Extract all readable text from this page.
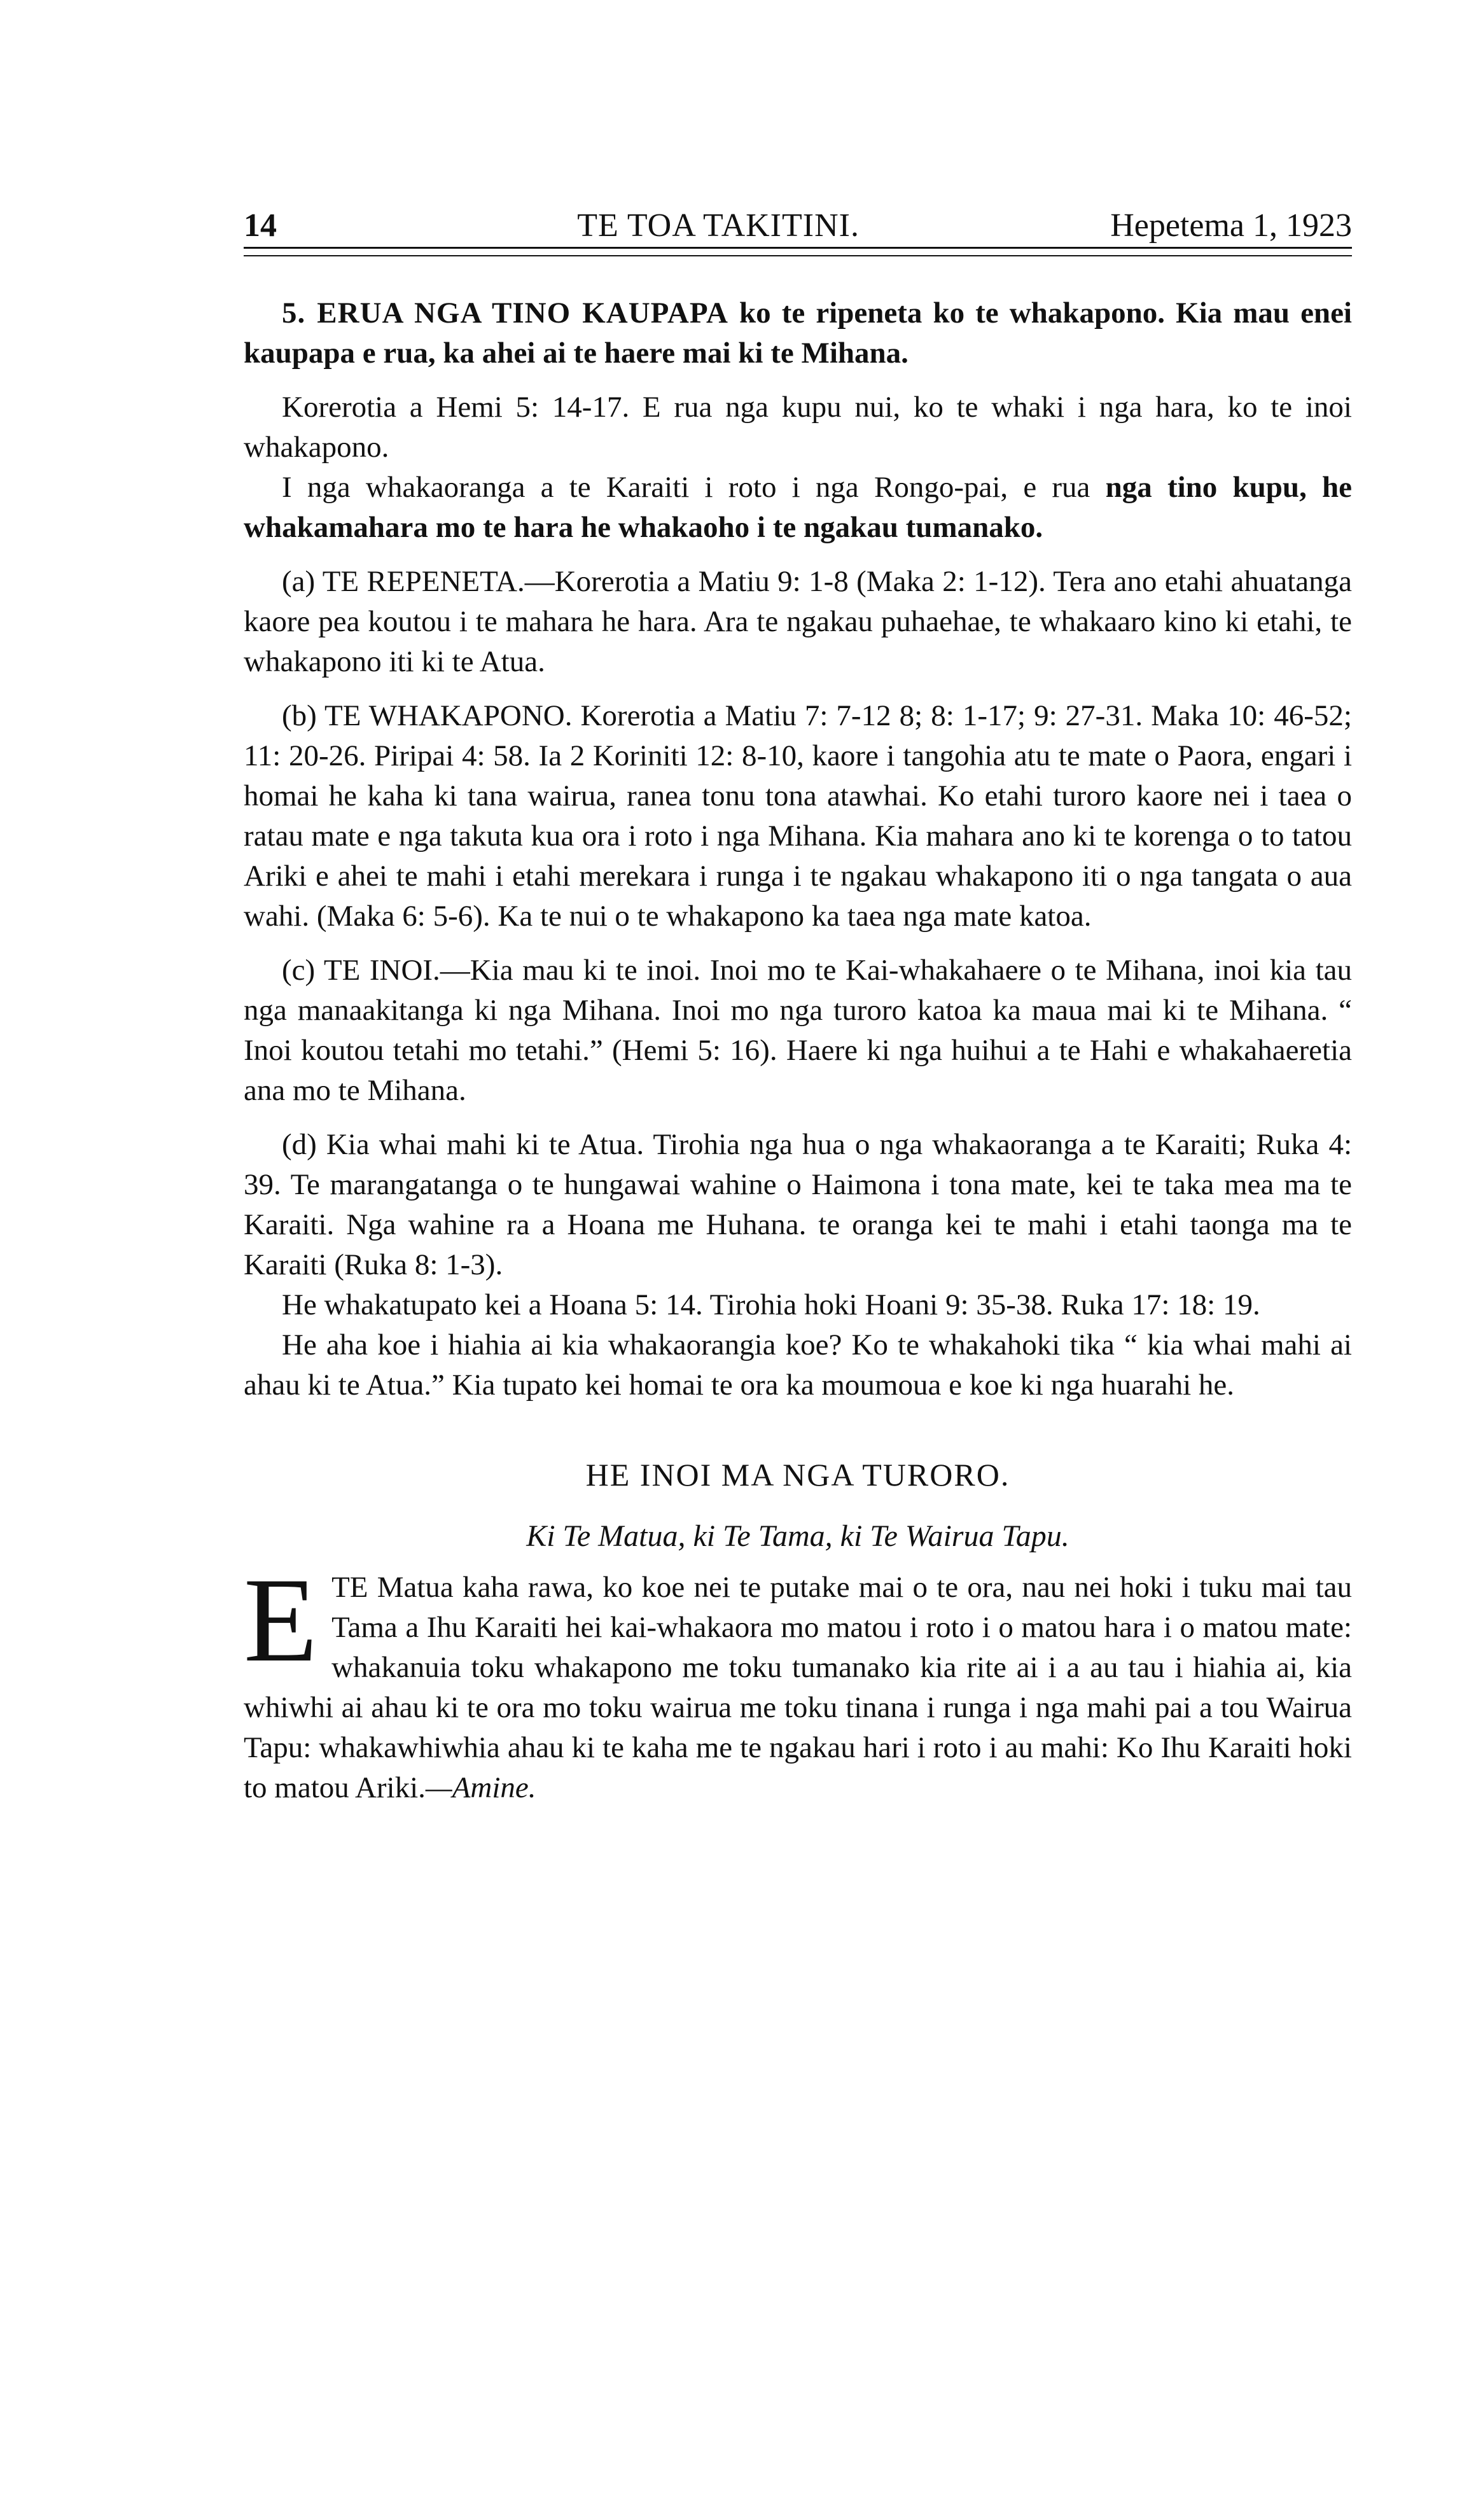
14	TE TOA TAKITINI.	Hepetema 1, 1923

5. ERUA NGA TINO KAUPAPA ko te ripeneta ko te whakapono. Kia mau enei kaupapa e rua, ka ahei ai te haere mai ki te Mihana.

Korerotia a Hemi 5: 14-17. E rua nga kupu nui, ko te whaki i nga hara, ko te inoi whakapono.

I nga whakaoranga a te Karaiti i roto i nga Rongo-pai, e rua nga tino kupu, he whakamahara mo te hara he whakaoho i te ngakau tumanako.

(a) TE REPENETA.—Korerotia a Matiu 9: 1-8 (Maka 2: 1-12). Tera ano etahi ahuatanga kaore pea koutou i te mahara he hara. Ara te ngakau puhaehae, te whakaaro kino ki etahi, te whakapono iti ki te Atua.

(b) TE WHAKAPONO. Korerotia a Matiu 7: 7-12 8; 8: 1-17; 9: 27-31. Maka 10: 46-52; 11: 20-26. Piripai 4: 58. Ia 2 Koriniti 12: 8-10, kaore i tangohia atu te mate o Paora, engari i homai he kaha ki tana wairua, ranea tonu tona atawhai. Ko etahi turoro kaore nei i taea o ratau mate e nga takuta kua ora i roto i nga Mihana. Kia mahara ano ki te korenga o to tatou Ariki e ahei te mahi i etahi merekara i runga i te ngakau whakapono iti o nga tangata o aua wahi. (Maka 6: 5-6). Ka te nui o te whakapono ka taea nga mate katoa.

(c) TE INOI.—Kia mau ki te inoi. Inoi mo te Kai-whakahaere o te Mihana, inoi kia tau nga manaakitanga ki nga Mihana. Inoi mo nga turoro katoa ka maua mai ki te Mihana. “ Inoi koutou tetahi mo tetahi.” (Hemi 5: 16). Haere ki nga huihui a te Hahi e whakahaeretia ana mo te Mihana.

(d) Kia whai mahi ki te Atua. Tirohia nga hua o nga whakaoranga a te Karaiti; Ruka 4: 39. Te marangatanga o te hungawai wahine o Haimona i tona mate, kei te taka mea ma te Karaiti. Nga wahine ra a Hoana me Huhana. te oranga kei te mahi i etahi taonga ma te Karaiti (Ruka 8: 1-3).

He whakatupato kei a Hoana 5: 14. Tirohia hoki Hoani 9: 35-38. Ruka 17: 18: 19.

He aha koe i hiahia ai kia whakaorangia koe? Ko te whakahoki tika “ kia whai mahi ai ahau ki te Atua.” Kia tupato kei homai te ora ka moumoua e koe ki nga huarahi he.

HE INOI MA NGA TURORO.
Ki Te Matua, ki Te Tama, ki Te Wairua Tapu.
E TE Matua kaha rawa, ko koe nei te putake mai o te ora, nau nei hoki i tuku mai tau Tama a Ihu Karaiti hei kai-whakaora mo matou i roto i o matou hara i o matou mate: whakanuia toku whakapono me toku tumanako kia rite ai i a au tau i hiahia ai, kia whiwhi ai ahau ki te ora mo toku wairua me toku tinana i runga i nga mahi pai a tou Wairua Tapu: whakawhiwhia ahau ki te kaha me te ngakau hari i roto i au mahi: Ko Ihu Karaiti hoki to matou Ariki.—Amine.
